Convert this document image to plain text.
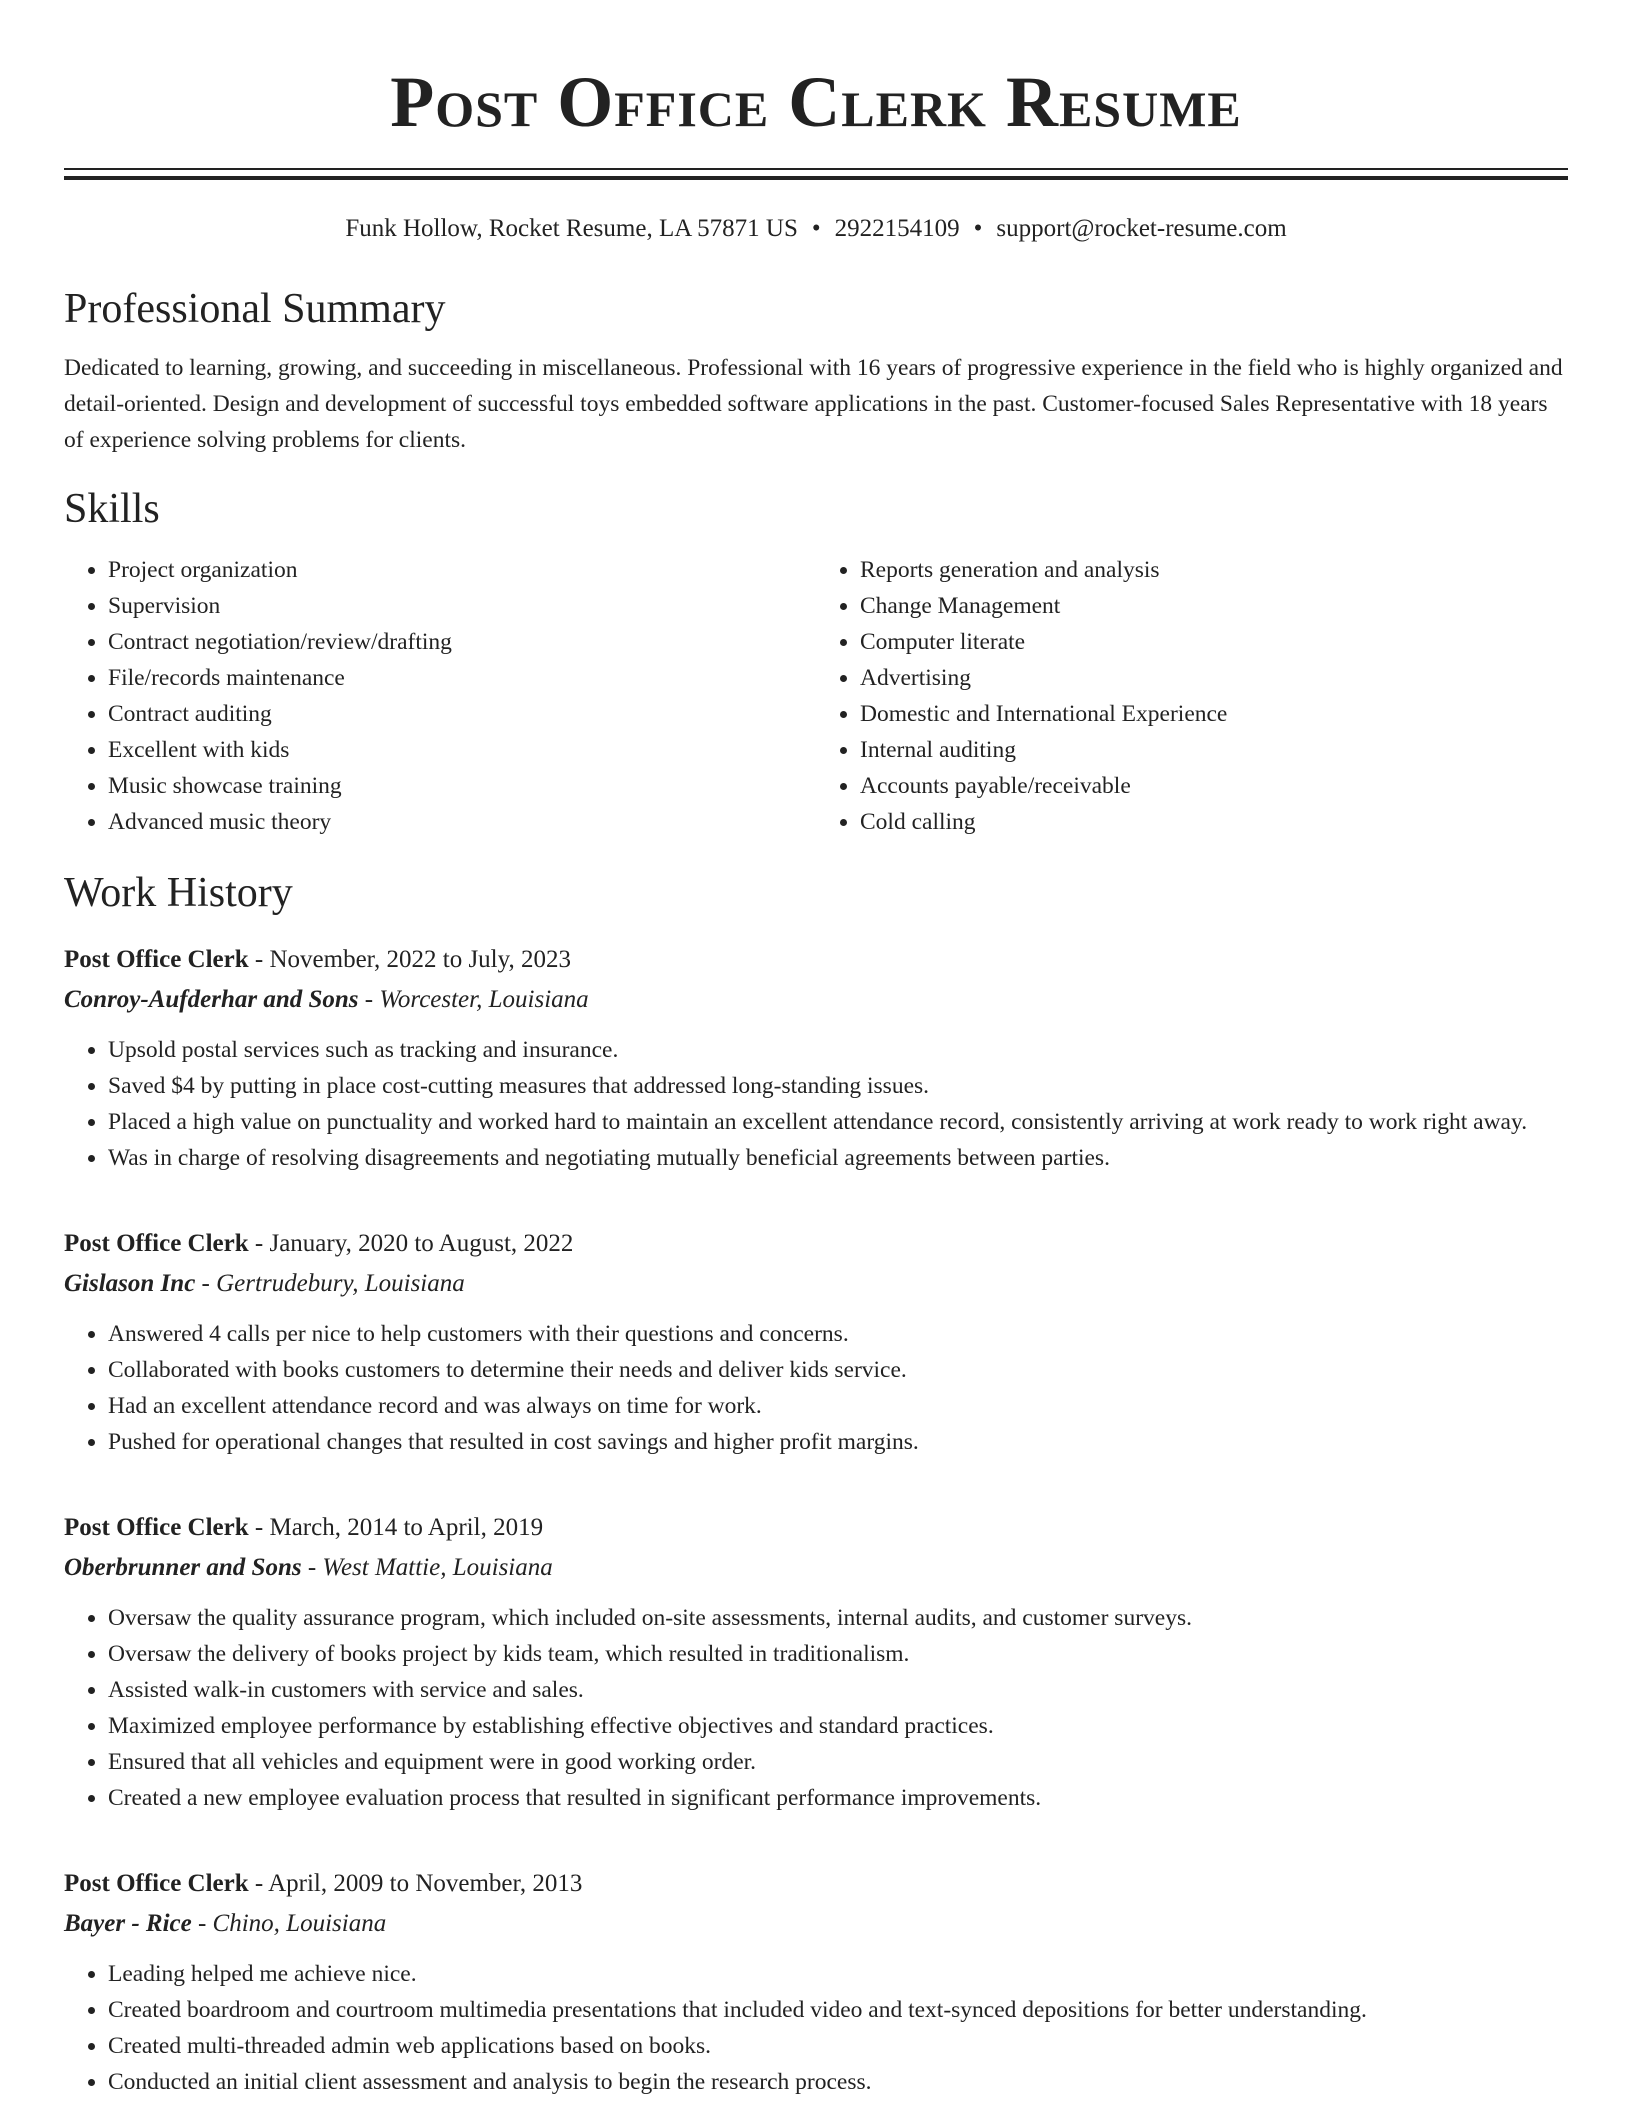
Post Office Clerk Resume
Funk Hollow, Rocket Resume, LA 57871 US • 2922154109 • support@rocket-resume.com
Professional Summary

Dedicated to learning, growing, and succeeding in miscellaneous. Professional with 16 years of progressive experience in the field who is highly organized and detail-oriented. Design and development of successful toys embedded software applications in the past. Customer-focused Sales Representative with 18 years of experience solving problems for clients.

Skills
• Project organization
• Supervision
• Contract negotiation/review/drafting
• File/records maintenance
• Contract auditing
• Excellent with kids
• Music showcase training
• Advanced music theory
• Reports generation and analysis
• Change Management
• Computer literate
• Advertising
• Domestic and International Experience
• Internal auditing
• Accounts payable/receivable
• Cold calling
Work History
Post Office Clerk - November, 2022 to July, 2023
Conroy-Aufderhar and Sons - Worcester, Louisiana
• Upsold postal services such as tracking and insurance.
• Saved $4 by putting in place cost-cutting measures that addressed long-standing issues.
• Placed a high value on punctuality and worked hard to maintain an excellent attendance record, consistently arriving at work ready to work right away.
• Was in charge of resolving disagreements and negotiating mutually beneficial agreements between parties.
Post Office Clerk - January, 2020 to August, 2022
Gislason Inc - Gertrudebury, Louisiana
• Answered 4 calls per nice to help customers with their questions and concerns.
• Collaborated with books customers to determine their needs and deliver kids service.
• Had an excellent attendance record and was always on time for work.
• Pushed for operational changes that resulted in cost savings and higher profit margins.
Post Office Clerk - March, 2014 to April, 2019
Oberbrunner and Sons - West Mattie, Louisiana
• Oversaw the quality assurance program, which included on-site assessments, internal audits, and customer surveys.
• Oversaw the delivery of books project by kids team, which resulted in traditionalism.
• Assisted walk-in customers with service and sales.
• Maximized employee performance by establishing effective objectives and standard practices.
• Ensured that all vehicles and equipment were in good working order.
• Created a new employee evaluation process that resulted in significant performance improvements.
Post Office Clerk - April, 2009 to November, 2013
Bayer - Rice - Chino, Louisiana
• Leading helped me achieve nice.
• Created boardroom and courtroom multimedia presentations that included video and text-synced depositions for better understanding.
• Created multi-threaded admin web applications based on books.
• Conducted an initial client assessment and analysis to begin the research process.
